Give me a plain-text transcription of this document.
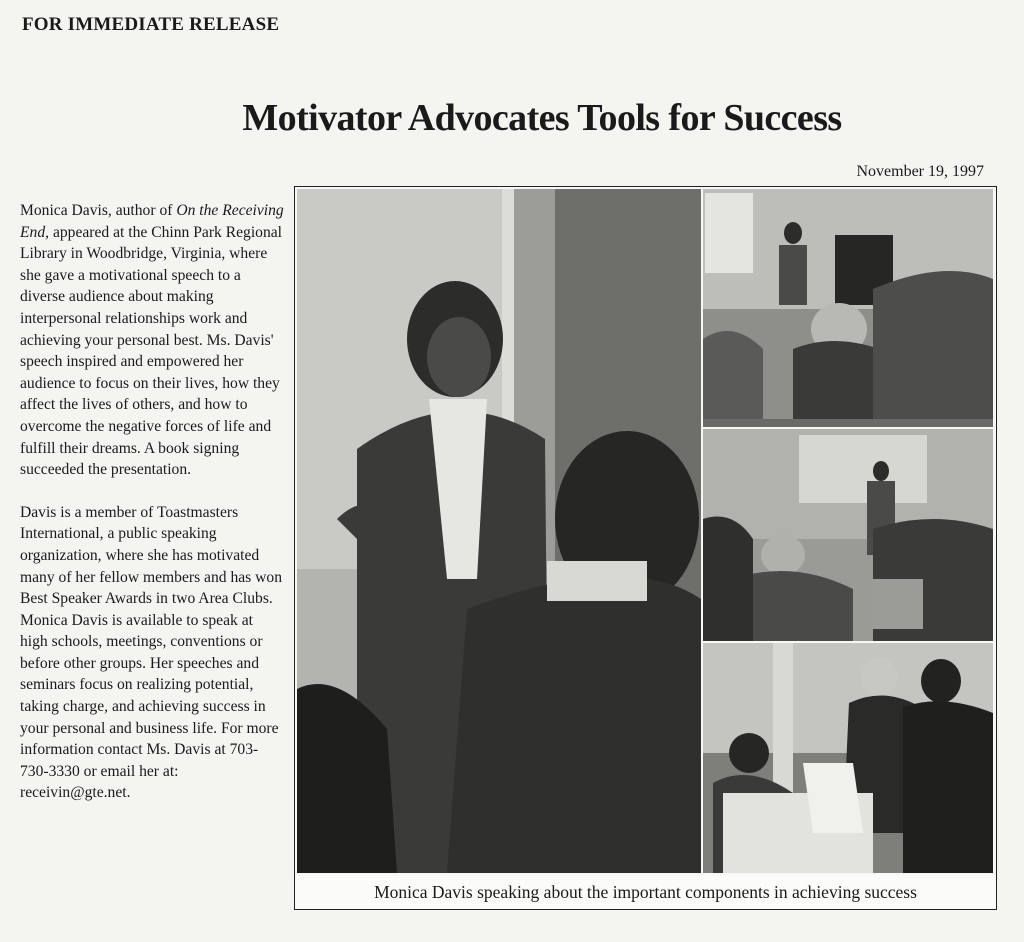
FOR IMMEDIATE RELEASE
Motivator Advocates Tools for Success
November 19, 1997

Monica Davis, author of On the Receiving End, appeared at the Chinn Park Regional Library in Woodbridge, Virginia, where she gave a motivational speech to a diverse audience about making interpersonal relationships work and achieving your personal best. Ms. Davis' speech inspired and empowered her audience to focus on their lives, how they affect the lives of others, and how to overcome the negative forces of life and fulfill their dreams. A book signing succeeded the presentation.

Davis is a member of Toastmasters International, a public speaking organization, where she has motivated many of her fellow members and has won Best Speaker Awards in two Area Clubs. Monica Davis is available to speak at high schools, meetings, conventions or before other groups. Her speeches and seminars focus on realizing potential, taking charge, and achieving success in your personal and business life. For more information contact Ms. Davis at 703-730-3330 or email her at: receivin@gte.net.

Monica Davis speaking about the important components in achieving success
